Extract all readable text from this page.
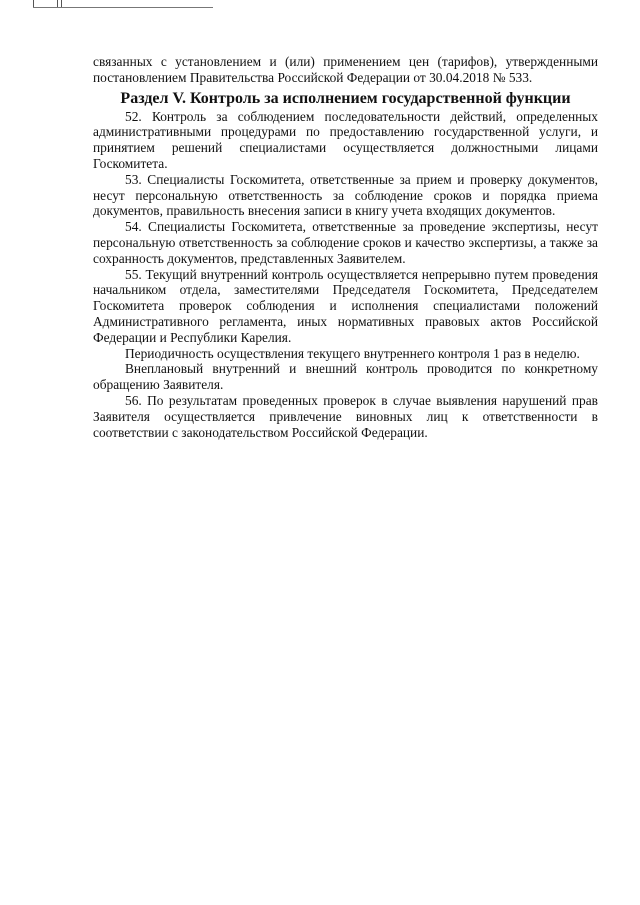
связанных с установлением и (или) применением цен (тарифов), утвержденными постановлением Правительства Российской Федерации от 30.04.2018 № 533.

Раздел V. Контроль за исполнением государственной функции

52. Контроль за соблюдением последовательности действий, определенных административными процедурами по предоставлению государственной услуги, и принятием решений специалистами осуществляется должностными лицами Госкомитета.

53. Специалисты Госкомитета, ответственные за прием и проверку документов, несут персональную ответственность за соблюдение сроков и порядка приема документов, правильность внесения записи в книгу учета входящих документов.

54. Специалисты Госкомитета, ответственные за проведение экспертизы, несут персональную ответственность за соблюдение сроков и качество экспертизы, а также за сохранность документов, представленных Заявителем.

55. Текущий внутренний контроль осуществляется непрерывно путем проведения начальником отдела, заместителями Председателя Госкомитета, Председателем Госкомитета проверок соблюдения и исполнения специалистами положений Административного регламента, иных нормативных правовых актов Российской Федерации и Республики Карелия.

Периодичность осуществления текущего внутреннего контроля 1 раз в неделю.

Внеплановый внутренний и внешний контроль проводится по конкретному обращению Заявителя.

56. По результатам проведенных проверок в случае выявления нарушений прав Заявителя осуществляется привлечение виновных лиц к ответственности в соответствии с законодательством Российской Федерации.
